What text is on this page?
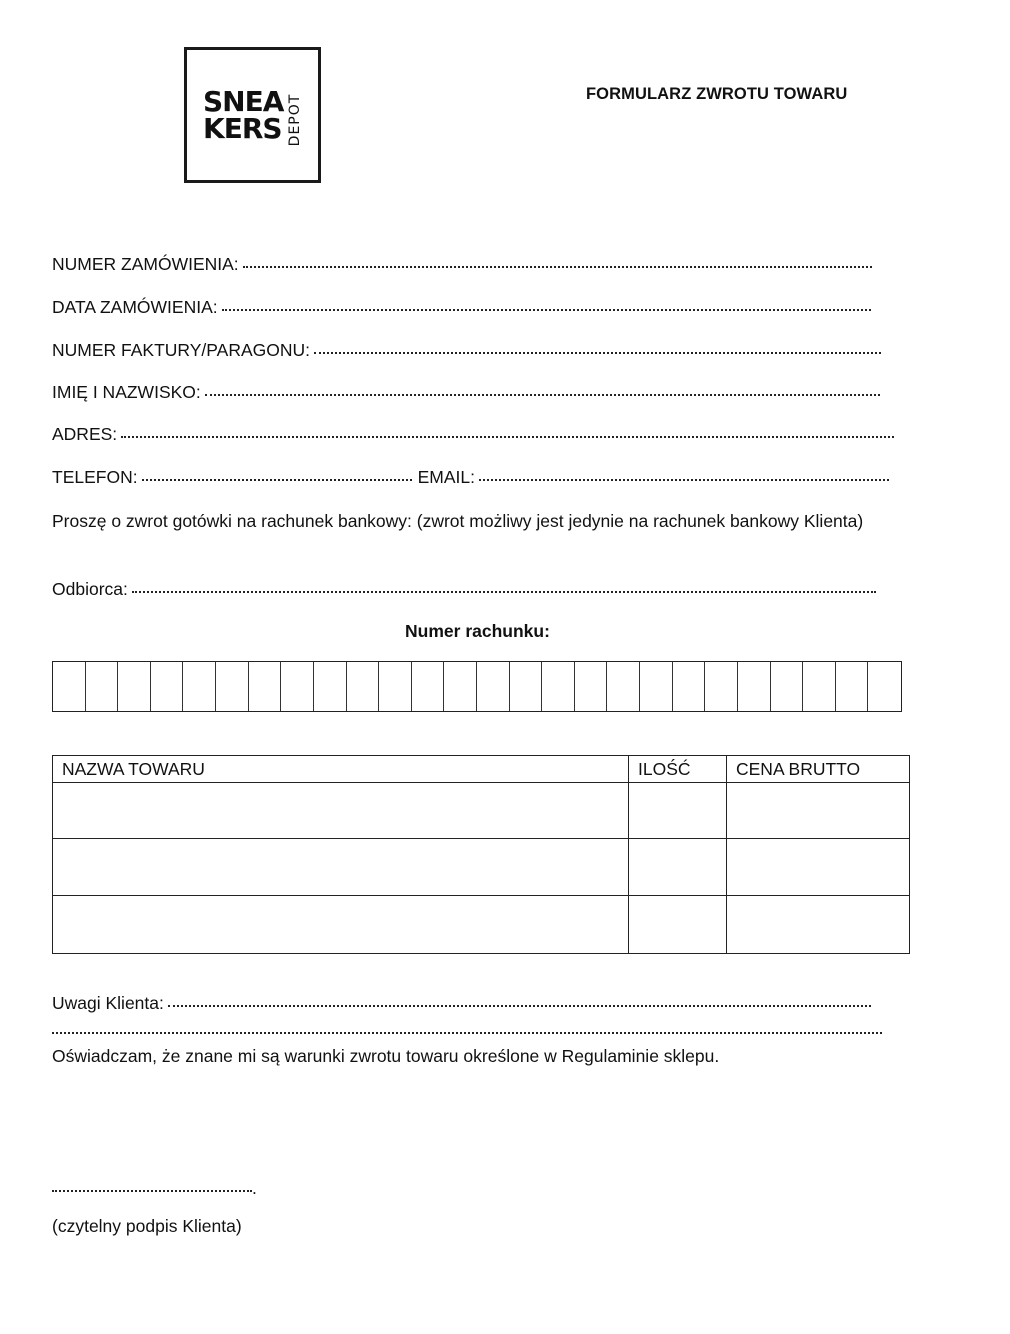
SNEA
KERS DEPOT	FORMULARZ ZWROTU TOWARU
NUMER ZAMÓWIENIA:
DATA ZAMÓWIENIA:
NUMER FAKTURY/PARAGONU:
IMIĘ I NAZWISKO:
ADRES:
TELEFON:	EMAIL:
Proszę o zwrot gotówki na rachunek bankowy: (zwrot możliwy jest jedynie na rachunek bankowy Klienta)
Odbiorca:
Numer rachunku:
NAZWA TOWARU	ILOŚĆ	CENA BRUTTO

Uwagi Klienta:
Oświadczam, że znane mi są warunki zwrotu towaru określone w Regulaminie sklepu.
.
(czytelny podpis Klienta)
